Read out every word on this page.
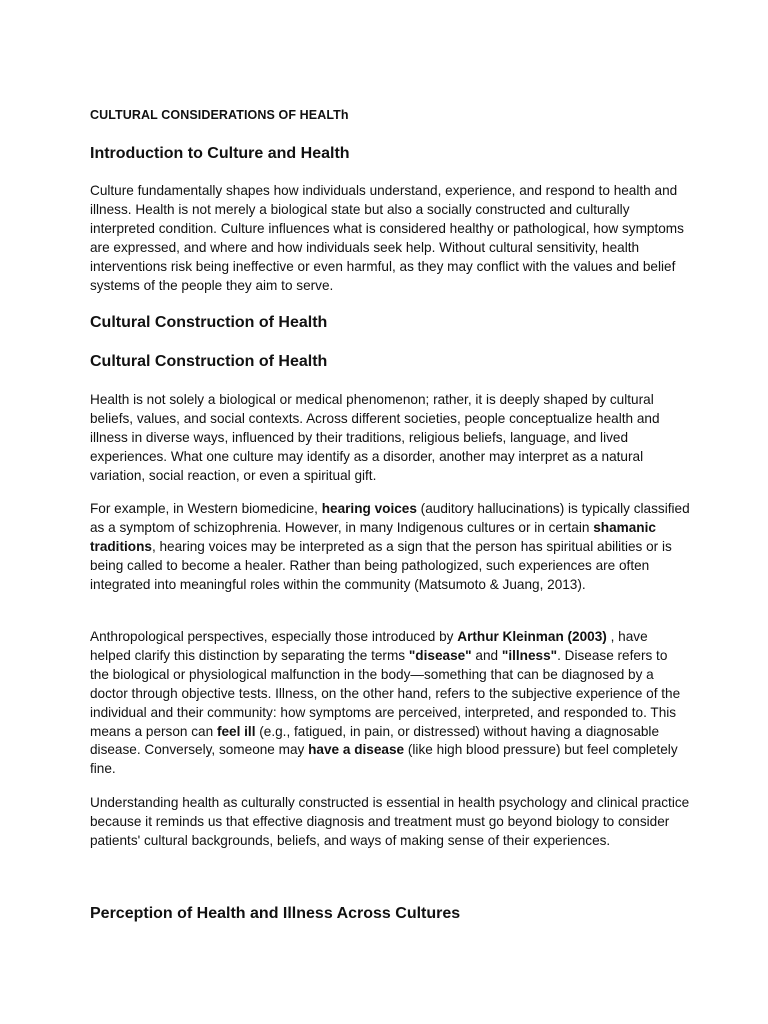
CULTURAL CONSIDERATIONS OF HEALTh
Introduction to Culture and Health

Culture fundamentally shapes how individuals understand, experience, and respond to health and illness. Health is not merely a biological state but also a socially constructed and culturally interpreted condition. Culture influences what is considered healthy or pathological, how symptoms are expressed, and where and how individuals seek help. Without cultural sensitivity, health interventions risk being ineffective or even harmful, as they may conflict with the values and belief systems of the people they aim to serve.

Cultural Construction of Health
Cultural Construction of Health

Health is not solely a biological or medical phenomenon; rather, it is deeply shaped by cultural beliefs, values, and social contexts. Across different societies, people conceptualize health and illness in diverse ways, influenced by their traditions, religious beliefs, language, and lived experiences. What one culture may identify as a disorder, another may interpret as a natural variation, social reaction, or even a spiritual gift.

For example, in Western biomedicine, hearing voices (auditory hallucinations) is typically classified as a symptom of schizophrenia. However, in many Indigenous cultures or in certain shamanic traditions, hearing voices may be interpreted as a sign that the person has spiritual abilities or is being called to become a healer. Rather than being pathologized, such experiences are often integrated into meaningful roles within the community (Matsumoto & Juang, 2013).

Anthropological perspectives, especially those introduced by Arthur Kleinman (2003) , have helped clarify this distinction by separating the terms "disease" and "illness". Disease refers to the biological or physiological malfunction in the body—something that can be diagnosed by a doctor through objective tests. Illness, on the other hand, refers to the subjective experience of the individual and their community: how symptoms are perceived, interpreted, and responded to. This means a person can feel ill (e.g., fatigued, in pain, or distressed) without having a diagnosable disease. Conversely, someone may have a disease (like high blood pressure) but feel completely fine.

Understanding health as culturally constructed is essential in health psychology and clinical practice because it reminds us that effective diagnosis and treatment must go beyond biology to consider patients' cultural backgrounds, beliefs, and ways of making sense of their experiences.

Perception of Health and Illness Across Cultures
